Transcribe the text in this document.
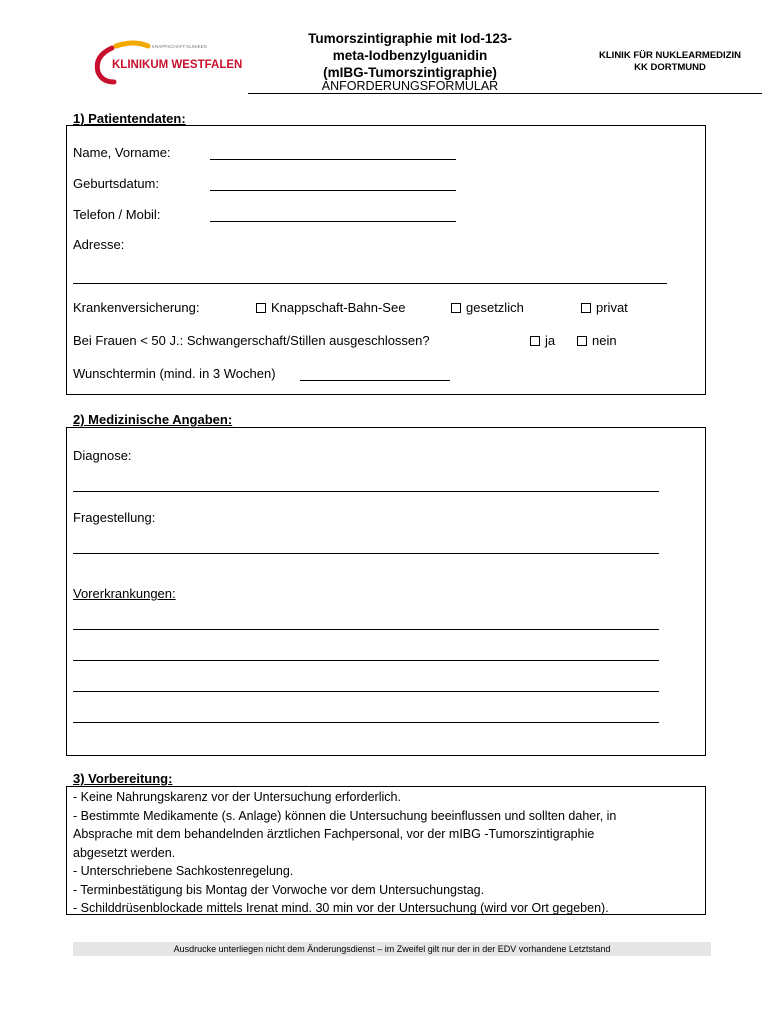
KNAPPSCHAFT KLINIKEN
KLINIKUM WESTFALEN
Tumorszintigraphie mit Iod-123-
meta-Iodbenzylguanidin
(mIBG-Tumorszintigraphie)
ANFORDERUNGSFORMULAR
KLINIK FÜR NUKLEARMEDIZIN
KK DORTMUND
1) Patientendaten:
Name, Vorname:
Geburtsdatum:
Telefon / Mobil:
Adresse:
Krankenversicherung:	Knappschaft-Bahn-See	gesetzlich	privat
Bei Frauen < 50 J.: Schwangerschaft/Stillen ausgeschlossen?	ja	nein
Wunschtermin (mind. in 3 Wochen)
2) Medizinische Angaben:
Diagnose:
Fragestellung:
Vorerkrankungen:
3) Vorbereitung:
- Keine Nahrungskarenz vor der Untersuchung erforderlich.
- Bestimmte Medikamente (s. Anlage) können die Untersuchung beeinflussen und sollten daher, in
Absprache mit dem behandelnden ärztlichen Fachpersonal, vor der mIBG -Tumorszintigraphie
abgesetzt werden.
- Unterschriebene Sachkostenregelung.
- Terminbestätigung bis Montag der Vorwoche vor dem Untersuchungstag.
- Schilddrüsenblockade mittels Irenat mind. 30 min vor der Untersuchung (wird vor Ort gegeben).
Ausdrucke unterliegen nicht dem Änderungsdienst – im Zweifel gilt nur der in der EDV vorhandene Letztstand
